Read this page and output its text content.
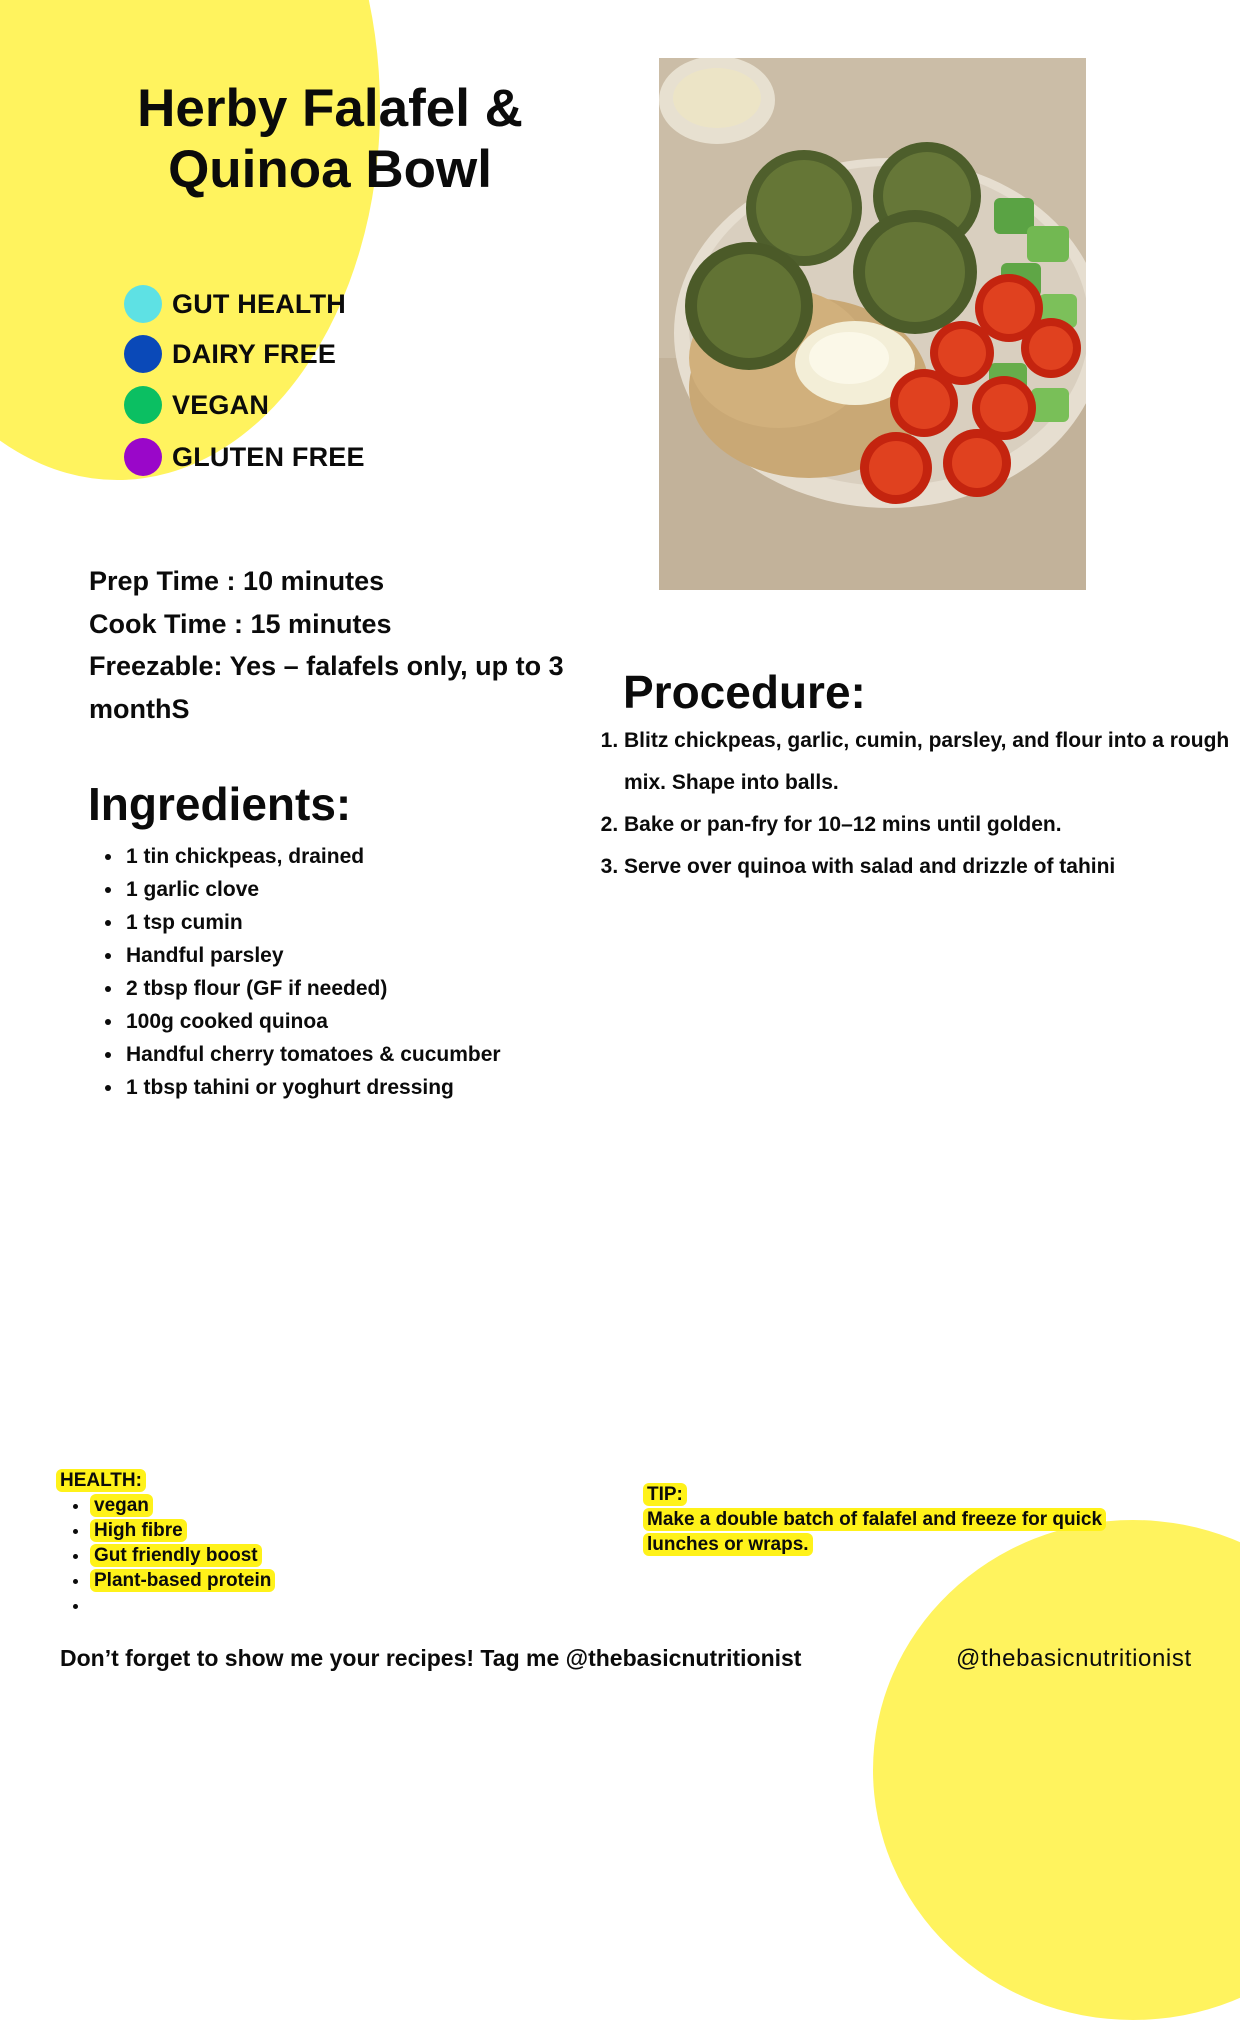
Herby Falafel &
Quinoa Bowl
GUT HEALTH
DAIRY FREE
VEGAN
GLUTEN FREE
Prep Time : 10 minutes
Cook Time : 15 minutes
Freezable: Yes – falafels only, up to 3 monthS
Ingredients:
• 1 tin chickpeas, drained
• 1 garlic clove
• 1 tsp cumin
• Handful parsley
• 2 tbsp flour (GF if needed)
• 100g cooked quinoa
• Handful cherry tomatoes & cucumber
• 1 tbsp tahini or yoghurt dressing
Procedure:
1. Blitz chickpeas, garlic, cumin, parsley, and flour into a rough mix. Shape into balls.
2. Bake or pan-fry for 10–12 mins until golden.
3. Serve over quinoa with salad and drizzle of tahini
HEALTH:
• vegan
• High fibre
• Gut friendly boost
• Plant-based protein
•
TIP:
Make a double batch of falafel and freeze for quick lunches or wraps.
Don’t forget to show me your recipes! Tag me @thebasicnutritionist	@thebasicnutritionist
